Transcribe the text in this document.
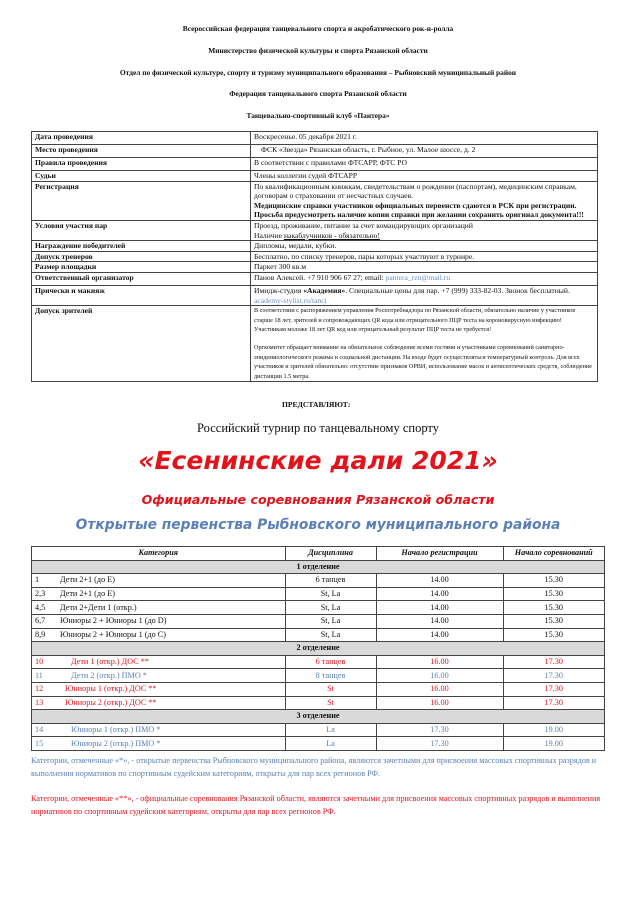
Всероссийская федерация танцевального спорта и акробатического рок-н-ролла
Министерство физической культуры и спорта Рязанской области
Отдел по физической культуре, спорту и туризму муниципального образования – Рыбновский муниципальный район
Федерация танцевального спорта Рязанской области
Танцевально-спортивный клуб «Пантера»
Дата проведения	Воскресенье. 05 декабря 2021 г.
Место проведения	ФСК «Звезда» Рязанская область, г. Рыбное, ул. Малое шоссе, д. 2
Правила проведения	В соответствии с правилами ФТСАРР, ФТС РО
Судьи	Члены коллегии судей ФТСАРР
Регистрация	По квалификационным книжкам, свидетельствам о рождении (паспортам), медицинским справкам, договорам о страховании от несчастных случаев.
Медицинские справки участников официальных первенств сдаются в РСК при регистрации.
Просьба предусмотреть наличие копии справки при желании сохранить оригинал документа!!!

Условия участия пар	Проезд, проживание, питание за счет командирующих организаций
Наличие накаблучников - обязательно!

Награждение победителей	Дипломы, медали, кубки.
Допуск тренеров	Бесплатно, по списку тренеров, пары которых участвуют в турнире.
Размер площадки	Паркет 300 кв.м
Ответственный организатор	Панов Алексей. +7 910 906 67 27; email: pantera_rzn@mail.ru
Прически и макияж	Имидж-студия «Академия». Специальные цены для пар. +7 (999) 333-82-03. Звонок бесплатный.
academy-stylist.ru/tanci

Допуск зрителей	В соответствии с распоряжением управления Роспотребнадзора по Рязанской области, обязательно наличие у участников старше 18 лет, зрителей и сопровождающих QR кода или отрицательного ПЦР теста на короновирусную инфекцию!
Участникам моложе 18 лет QR код или отрицательный результат ПЦР теста не требуется!
Оргкомитет обращает внимание на обязательное соблюдение всеми гостями и участниками соревнований санитарно-эпидемиологического режима и социальной дистанции. На входе будет осуществляться температурный контроль. Для всех участников и зрителей обязательно: отсутствие признаков ОРВИ, использование масок и антисептических средств, соблюдение дистанции 1.5 метра.
ПРЕДСТАВЛЯЮТ:
Российский турнир по танцевальному спорту
«Есенинские дали 2021»
Официальные соревнования Рязанской области
Открытые первенства Рыбновского муниципального района
Категория		Дисциплина	Начало регистрации	Начало соревнований
1 отделение				
1	Дети 2+1 (до E)	6 танцев	14.00	15.30
2,3	Дети 2+1 (до E)	St, La	14.00	15.30
4,5	Дети 2+Дети 1 (откр.)	St, La	14.00	15.30
6,7	Юниоры 2 + Юниоры 1 (до D)	St, La	14.00	15.30
8,9	Юниоры 2 + Юниоры 1 (до С)	St, La	14.00	15.30
2 отделение				
10	Дети 1 (откр.) ДОС **	6 танцев	16.00	17.30
11	Дети 2 (откр.) ПМО *	8 танцев	16.00	17.30
12	Юниоры 1 (откр.) ДОС **	St	16.00	17.30
13	Юниоры 2 (откр.) ДОС **	St	16.00	17.30
3 отделение				
14	Юниоры 1 (откр.) ПМО *	La	17.30	19.00
15	Юниоры 2 (откр.) ПМО *	La	17.30	19.00
Категории, отмеченные «*», - открытые первенства Рыбновского муниципального района, являются зачетными для присвоения массовых спортивных разрядов и выполнения нормативов по спортивным судейским категориям, открыты для пар всех регионов РФ.
Категории, отмеченные «**», - официальные соревнования Рязанской области, являются зачетными для присвоения массовых спортивных разрядов и выполнения нормативов по спортивным судейским категориям, открыты для пар всех регионов РФ.
